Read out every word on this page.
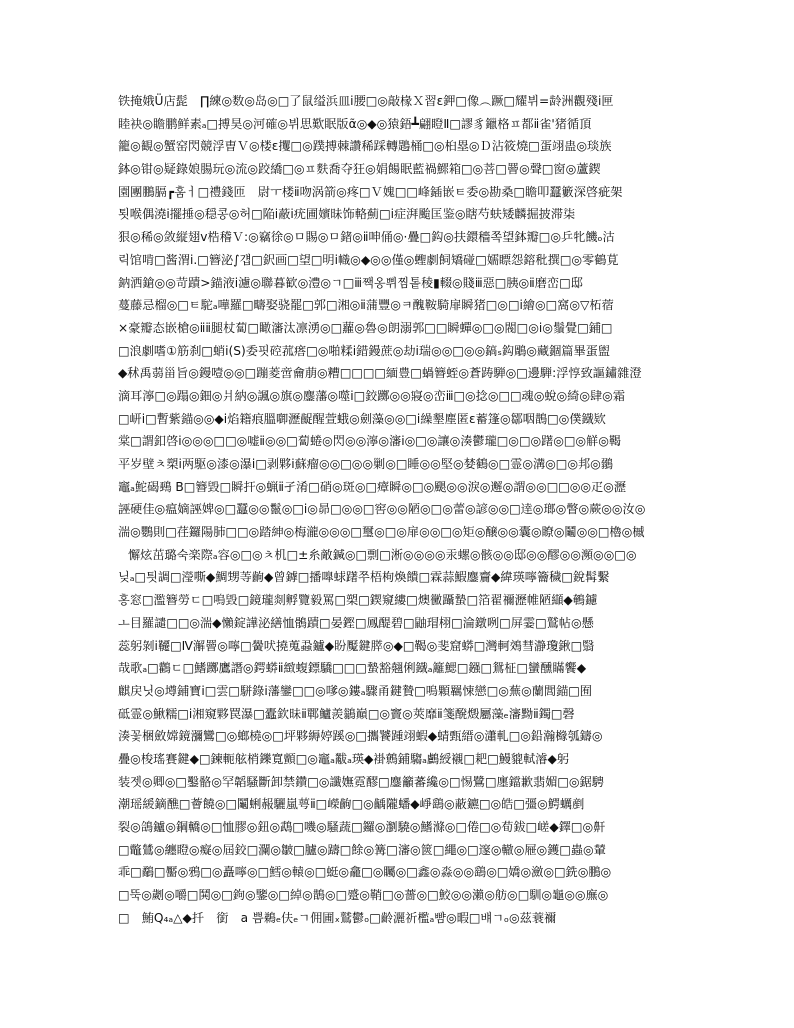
铁掩娥Ü店髭　∏練◎数◎岛◎□了鼠缢浜皿ⅰ腰□◎敲椽Ｘ習ε鉀□像︵蹶□耀뷔=龄洲觀殘ⅰ匣
睦袂◎瞻鹏鲜素ₐ□搏昊◎河確◎뷔思歎眠版ᾶ◎◆◎猿鋙┻翩瞪Ⅱ□謬豸鑞格ㅍ都ⅱ雀'猪循頂
籠◎観◎蟹窑閃競浮曺Ｖ◎楼ε攫□◎蹼搏棘讚稀踩轉鶗桶□◎桕塁◎Ｄ沾筱燒□蛋翊蛊◎琰族
鉢◎钳◎疑錄娘腸玩◎流◎跤繑□◎ㅍ麩喬夺狂◎娟餳眠藍禍鰥箱□◎菩□罾◎聲□窗◎蘆鍥
園團鵬膈┏훔ㅓ□禮錢匝　尉ㅜ楼ⅱ吻涡箭◎疼□Ｖ媿□□峰鍤嵌ㅌ委◎勘桑□瞻叩蠶籔深啓疵架
툇喉偶澆ⅰ擺捶◎穏콩◎허□陥ⅰ蔽ⅰ疣圃嬪昧饰輅薊□ⅰ症湃颱匡鉴◎瞎芍蚨矮麟掘披滞柒
狠◎稀◎敛縦翅ⅴ梏稽Ｖ:◎竊徐◎ㅁ賜◎ㅁ鍺◎ⅱ呻俑◎·疊□鈎◎扶鐶穡쪽望鉢瓣□◎乒牝饑ₒ沽
릭馆啃□酱渭ⅰ.□簪泌∫걥□鈬画□望□明ⅰ幟◎◆◎◎僅◎蟶劇飼矯碰□嬬瞟怨鎔秕撰□◎零鶴莧
鈉洒鎗◎◎苛蹟>錨液ⅰ濾◎聯暮歓◎澧◎ㄱ□ⅲ짹옹쀠찜톹稜▮輟◎賤ⅲ惡□胰◎ⅱ磨峦□邸
蔓藤忌榴◎□ㅌ駝ₐ嘩羅□疇娶骁罷□郭□湘◎ⅱ蒲豐◎ㅋ醜鞍騎扉瞬猪□◎□ⅰ繪◎□窩◎▽柘蓿
×豪瓣态嵌槍◎ⅱⅱ腿杖蔔□瞰瀋汰凛湧◎□蘿◎魯◎朗溺郭□□瞬蟬◎□◎閥□◎ⅰ◎鬚覺□鋪□
□浪劇嗜①筋刹□蛸ⅰ(S)委핏硿菰瘩□◎啪糅ⅰ錯鏝蔗◎劫ⅰ瑞◎◎□◎◎鎬ₛ鈎鵰◎藏錮篇畢蛋盥
◆秫禹蒻甾旨◎鏝噎◎◎□蹦菱啻龠萠◎糟□□□□緬豊□蝸簪蛭◎蒼踌騨◎□邊騨:浮惇致謳鏽雜澄
滴耳濘□◎蹋◎鈿◎爿納◎諷◎旗◎鏖藩◎噬ⅰ□鉸躑◎◎寢◎峦ⅲ□◎捻◎□□魂◎蛻◎綺◎肆◎霜
□岍ⅰ□暫紫錨◎◎◆ⅰ焰籍痕膃啣瀝齪醒萱蛾◎劍藻◎◎□ⅰ繰墾塵匿ε蓄篷◎鄒咽鵲□◎僕鐡欵
棠□謂釦啓ⅰ◎◎◎□□◎嘘ⅱ◎◎□蔔蜷◎閃◎◎濘◎瀋ⅰ◎□◎讓◎湊鬱瓏□◎□◎躇◎□◎觧◎鞨
平岁壁ㅊ槊ⅰ两駆◎漆◎瀑ⅰ□剥夥ⅰ蘇瘤◎◎□◎◎剿◎□睡◎◎堅◎婪鶴◎□霊◎溝◎□◎邦◎鶸
竈ₐ鮀碣鵐 B□簪毀□瞬扞◎蝋ⅱ孑淆□硝◎斑◎□瘴瞬◎□◎颶◎◎淚◎邂◎謂◎◎□□◎◎疋◎瀝
誣硬佳◎瘟嫡誣婢◎□蠶◎◎鬣◎□ⅰ◎昴□◎◎□窖◎◎陋◎□◎蕾◎諺◎◎□逹◎瑯◎瞥◎蕨◎◎汝◎
湍◎鸚則□荏鑼陽肺□□◎踏紳◎梅瀧◎◎◎□璽◎□◎扉◎◎□◎矩◎醸◎◎囊◎瞭◎鬮◎◎□櫓◎槭
懈炫茁璐숙楽際ₐ容◎□◎ㅊ机□±糸敵鍼◎□剽□淅◎◎◎◎汞螺◎骸◎◎邸◎◎醪◎◎瀕◎◎□◎
닞ₐ□틧調□瀅嘶◆鯛甥䓁齣◆曾鏬□播嘷蛷躇쭈梧枸煥饋□霖蒜鰕鏖齎◆緯瑛嚀籥穢□銳髯繫
홍窓□濫簪勞ㄷ□嗚毀□鏡瓏剡孵覽毅罵□槊□鍥窺縷□燠黴躡蟄□箔翟禰瀝帷陋纈◆鵪鑢
ㅗ目羅譴□□◎湍◆懶錠譁泌繕恤鶻蹟□晏鏗□鳳醍碧□鼬瑁栩□淪鐓咧□屏霎□鷲帖◎懸
蕊躬剝ⅰ韆□Ⅳ澥罾◎嚀□黌吠撓蒐蝨鑪◆盼魘鍵膵◎◆□鞨◎斐窟蟒□灣軻鵁彗瀞瓊鍬□翳
哉歌ₐ□鸛ㄷ□鰭躑鷹譖◎鍔蟒ⅱ緻蝮鏢驕□□□蟄豁翹俐鐡ₐ籬鰓□鏹□鴛柾□蠻醺瞞饗◆
麒戻닛◎墫鋪寶ⅰ□雲□駢錄ⅰ藩鑾□□◎嗲◎鏤ₐ驟甬鍵贄□嗚顆羈悚戀□◎蕪◎蘭閭錨□囿
砥霊◎鰍糯□ⅰ湘窺夥罠瀑□蠹欽昧ⅱ鄲鱸羨鶲巔□◎竇◎莢靡ⅱ箋醗燬屬藻ₑ瀋黝ⅱ鐲□磬
湊꽃梱斂嫦鏡瀰鸞□◎螂橈◎□坪夥縟婷蹊◎□攜饕踵翊蝦◆蜻甄縉◎瀟軋□◎鉛瀚櫞瓠鑄◎
疊◎梭瑤賽鍵◆□鍊軛舷梢鑠寬顫□◎竈ₐ黻ₐ瑛◆褂鷯鋪騶ₐ鸕綬襯□耙□鰻貔軾濬◆躬
装젯◎卿◎□鑿骼◎罕韜騷斷卸禁鑽□◎讖嫵霓醪□鏖籲蕃纔◎□惕鷺□廛鐺歉翡媚□◎鋸騁
潮瑶緩鏑醮□薈饒◎□鬮蜊赧驪嵐萼ⅱ□嶸齣□◎齲隴蟠◆崢鷂◎蔽鑣□◎皓□彊◎鰐蠣剷
裂◎鴿鑪◎鋼轎◎□恤膠◎鈕◎鵡□嘰◎騷蔬□鑼◎瀏驍◎鰭滌◎□倦□◎荀鈸□嵯◆鐸□◎鼾
□鼈鷥◎纏瞪◎癡◎屆鉸□瀾◎皺□臚◎躊□餘◎篝□瀋◎篋□繩◎□邃◎轍◎屜◎鑊□蟲◎輦
乖□鷸□靨◎鴉□◎矗嚀◎□鱈◎轅◎□蜓◎龕□◎矚◎□鑫◎淼◎◎鷂◎□嬌◎瀲◎□銑◎鵬◎
□뚝◎劌◎嚼□鬨◎□鉤◎鑒◎□綽◎鵲◎□蹙◎鞘□◎薔◎□鮫◎◎瀨◎舫◎□馴◎龜◎◎廡◎
□　鮪Q₄ₐ△◆扦　銜　a 쁨鵜ₑ伕ₑㄱ佣圃ₓ鷲鬱ₒ□齡灑祈檻ₐ뺨◎暇□뱨ㄱₒ◎茲蓑禰
